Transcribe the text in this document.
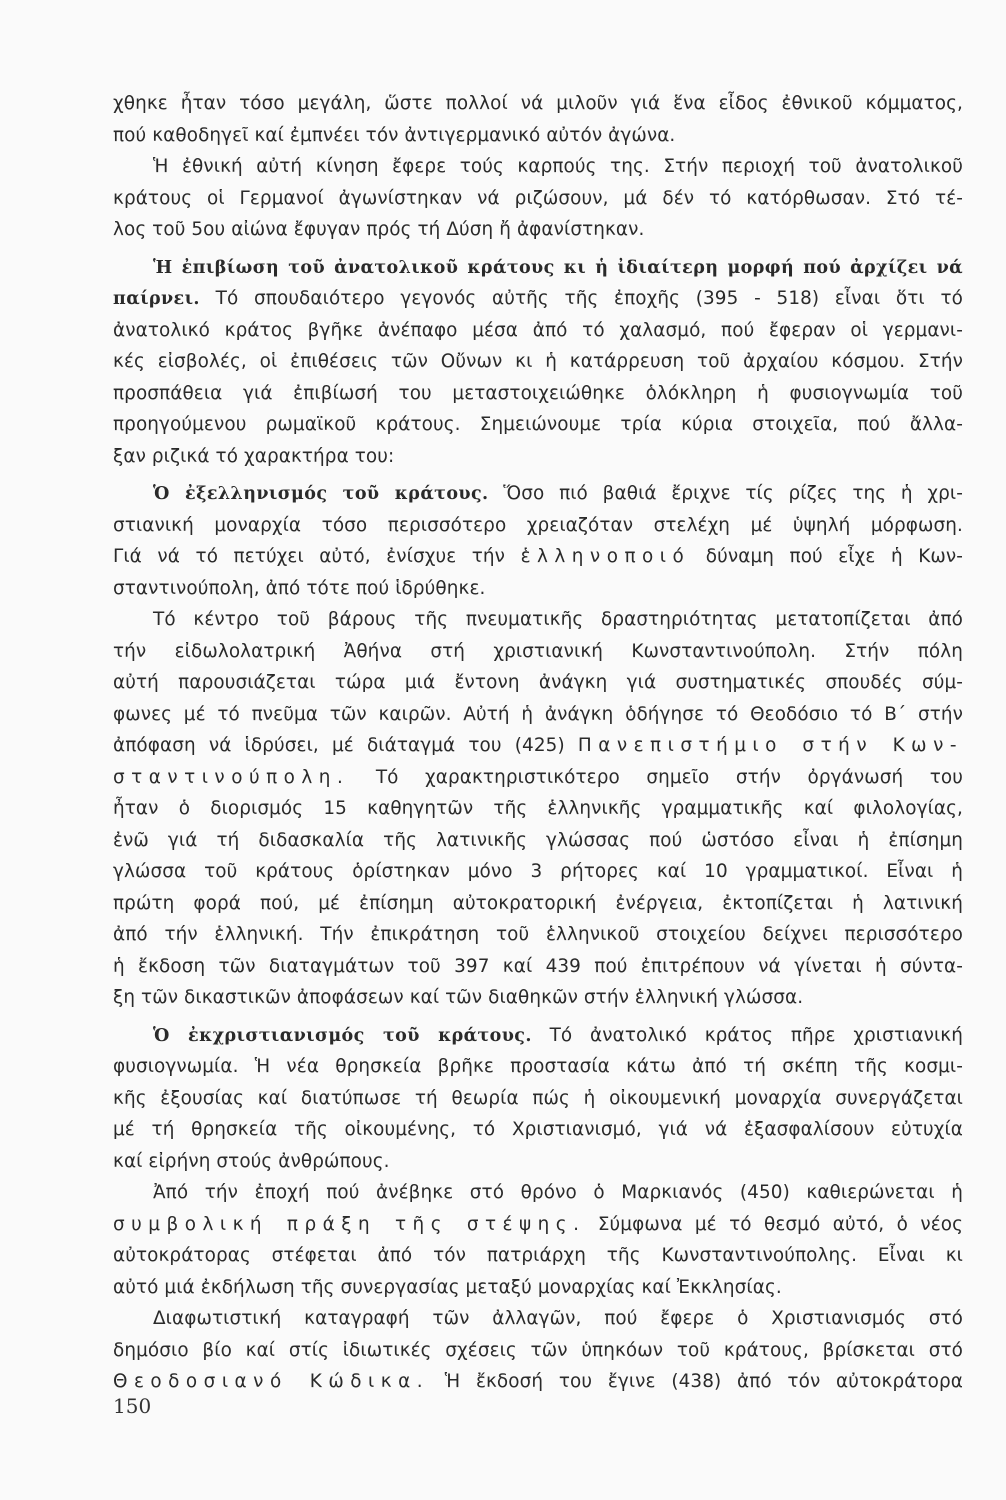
χθηκε ἦταν τόσο μεγάλη, ὥστε πολλοί νά μιλοῦν γιά ἕνα εἶδος ἐθνικοῦ κόμματος,
πού καθοδηγεῖ καί ἐμπνέει τόν ἀντιγερμανικό αὐτόν ἀγώνα.
Ἡ ἐθνική αὐτή κίνηση ἔφερε τούς καρπούς της. Στήν περιοχή τοῦ ἀνατολικοῦ
κράτους οἱ Γερμανοί ἀγωνίστηκαν νά ριζώσουν, μά δέν τό κατόρθωσαν. Στό τέ-
λος τοῦ 5ου αἰώνα ἔφυγαν πρός τή Δύση ἤ ἀφανίστηκαν.
Ἡ ἐπιβίωση τοῦ ἀνατολικοῦ κράτους κι ἡ ἰδιαίτερη μορφή πού ἀρχίζει νά
παίρνει. Τό σπουδαιότερο γεγονός αὐτῆς τῆς ἐποχῆς (395 - 518) εἶναι ὅτι τό
ἀνατολικό κράτος βγῆκε ἀνέπαφο μέσα ἀπό τό χαλασμό, πού ἔφεραν οἱ γερμανι-
κές εἰσβολές, οἱ ἐπιθέσεις τῶν Οὔνων κι ἡ κατάρρευση τοῦ ἀρχαίου κόσμου. Στήν
προσπάθεια γιά ἐπιβίωσή του μεταστοιχειώθηκε ὁλόκληρη ἡ φυσιογνωμία τοῦ
προηγούμενου ρωμαϊκοῦ κράτους. Σημειώνουμε τρία κύρια στοιχεῖα, πού ἄλλα-
ξαν ριζικά τό χαρακτήρα του:
Ὁ ἐξελληνισμός τοῦ κράτους. Ὅσο πιό βαθιά ἔριχνε τίς ρίζες της ἡ χρι-
στιανική μοναρχία τόσο περισσότερο χρειαζόταν στελέχη μέ ὑψηλή μόρφωση.
Γιά νά τό πετύχει αὐτό, ἐνίσχυε τήν ἑλληνοποιό δύναμη πού εἶχε ἡ Κων-
σταντινούπολη, ἀπό τότε πού ἱδρύθηκε.
Τό κέντρο τοῦ βάρους τῆς πνευματικῆς δραστηριότητας μετατοπίζεται ἀπό
τήν εἰδωλολατρική Ἀθήνα στή χριστιανική Κωνσταντινούπολη. Στήν πόλη
αὐτή παρουσιάζεται τώρα μιά ἔντονη ἀνάγκη γιά συστηματικές σπουδές σύμ-
φωνες μέ τό πνεῦμα τῶν καιρῶν. Αὐτή ἡ ἀνάγκη ὁδήγησε τό Θεοδόσιο τό Β΄ στήν
ἀπόφαση νά ἱδρύσει, μέ διάταγμά του (425) Πανεπιστήμιο στήν Κων-
σταντινούπολη. Τό χαρακτηριστικότερο σημεῖο στήν ὀργάνωσή του
ἦταν ὁ διορισμός 15 καθηγητῶν τῆς ἑλληνικῆς γραμματικῆς καί φιλολογίας,
ἐνῶ γιά τή διδασκαλία τῆς λατινικῆς γλώσσας πού ὡστόσο εἶναι ἡ ἐπίσημη
γλώσσα τοῦ κράτους ὁρίστηκαν μόνο 3 ρήτορες καί 10 γραμματικοί. Εἶναι ἡ
πρώτη φορά πού, μέ ἐπίσημη αὐτοκρατορική ἐνέργεια, ἐκτοπίζεται ἡ λατινική
ἀπό τήν ἑλληνική. Τήν ἐπικράτηση τοῦ ἑλληνικοῦ στοιχείου δείχνει περισσότερο
ἡ ἔκδοση τῶν διαταγμάτων τοῦ 397 καί 439 πού ἐπιτρέπουν νά γίνεται ἡ σύντα-
ξη τῶν δικαστικῶν ἀποφάσεων καί τῶν διαθηκῶν στήν ἑλληνική γλώσσα.
Ὁ ἐκχριστιανισμός τοῦ κράτους. Τό ἀνατολικό κράτος πῆρε χριστιανική
φυσιογνωμία. Ἡ νέα θρησκεία βρῆκε προστασία κάτω ἀπό τή σκέπη τῆς κοσμι-
κῆς ἐξουσίας καί διατύπωσε τή θεωρία πώς ἡ οἰκουμενική μοναρχία συνεργάζεται
μέ τή θρησκεία τῆς οἰκουμένης, τό Χριστιανισμό, γιά νά ἐξασφαλίσουν εὐτυχία
καί εἰρήνη στούς ἀνθρώπους.
Ἀπό τήν ἐποχή πού ἀνέβηκε στό θρόνο ὁ Μαρκιανός (450) καθιερώνεται ἡ
συμβολική πράξη τῆς στέψης. Σύμφωνα μέ τό θεσμό αὐτό, ὁ νέος
αὐτοκράτορας στέφεται ἀπό τόν πατριάρχη τῆς Κωνσταντινούπολης. Εἶναι κι
αὐτό μιά ἐκδήλωση τῆς συνεργασίας μεταξύ μοναρχίας καί Ἐκκλησίας.
Διαφωτιστική καταγραφή τῶν ἀλλαγῶν, πού ἔφερε ὁ Χριστιανισμός στό
δημόσιο βίο καί στίς ἰδιωτικές σχέσεις τῶν ὑπηκόων τοῦ κράτους, βρίσκεται στό
Θεοδοσιανό Κώδικα. Ἡ ἔκδοσή του ἔγινε (438) ἀπό τόν αὐτοκράτορα
150
